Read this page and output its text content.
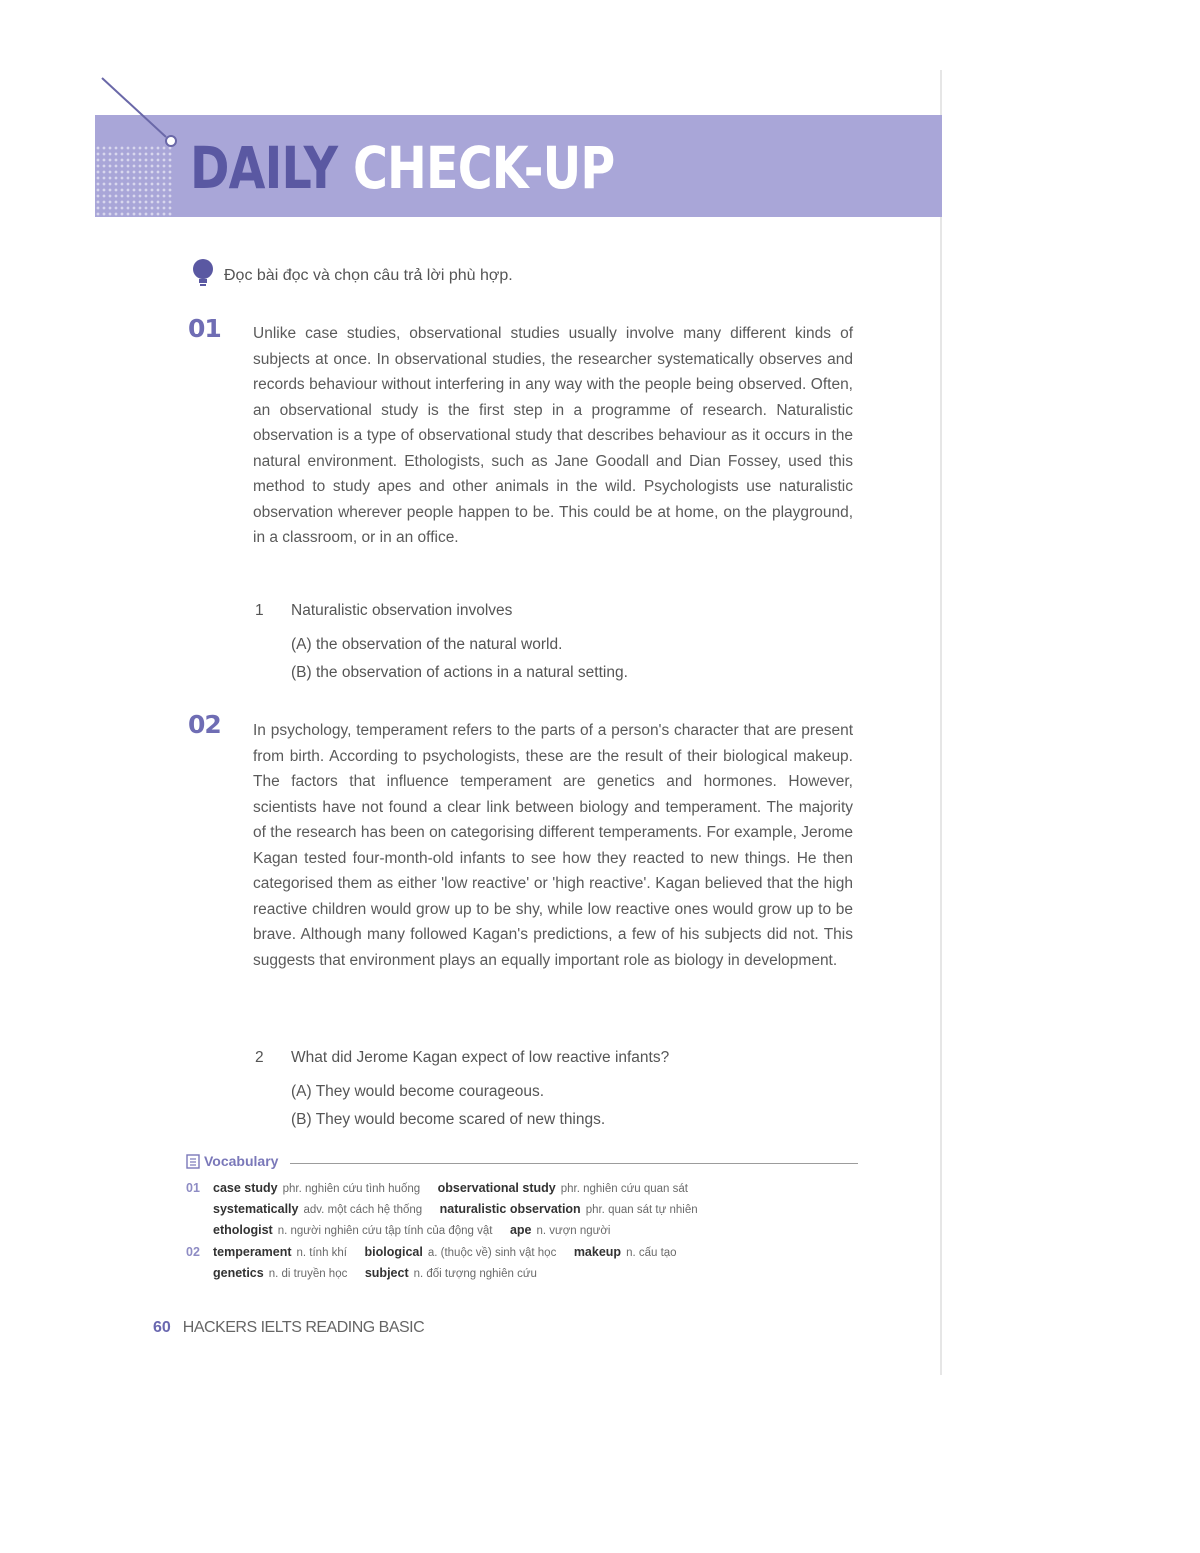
DAILY CHECK-UP
Đọc bài đọc và chọn câu trả lời phù hợp.
01 Unlike case studies, observational studies usually involve many different kinds of subjects at once. In observational studies, the researcher systematically observes and records behaviour without interfering in any way with the people being observed. Often, an observational study is the first step in a programme of research. Naturalistic observation is a type of observational study that describes behaviour as it occurs in the natural environment. Ethologists, such as Jane Goodall and Dian Fossey, used this method to study apes and other animals in the wild. Psychologists use naturalistic observation wherever people happen to be. This could be at home, on the playground, in a classroom, or in an office.

1 Naturalistic observation involves
(A) the observation of the natural world.
(B) the observation of actions in a natural setting.
02 In psychology, temperament refers to the parts of a person's character that are present from birth. According to psychologists, these are the result of their biological makeup. The factors that influence temperament are genetics and hormones. However, scientists have not found a clear link between biology and temperament. The majority of the research has been on categorising different temperaments. For example, Jerome Kagan tested four-month-old infants to see how they reacted to new things. He then categorised them as either 'low reactive' or 'high reactive'. Kagan believed that the high reactive children would grow up to be shy, while low reactive ones would grow up to be brave. Although many followed Kagan's predictions, a few of his subjects did not. This suggests that environment plays an equally important role as biology in development.

2 What did Jerome Kagan expect of low reactive infants?
(A) They would become courageous.
(B) They would become scared of new things.
Vocabulary
01 case study phr. nghiên cứu tình huống observational study phr. nghiên cứu quan sát
systematically adv. một cách hệ thống naturalistic observation phr. quan sát tự nhiên
ethologist n. người nghiên cứu tập tính của động vật ape n. vượn người
02 temperament n. tính khí biological a. (thuộc về) sinh vật học makeup n. cấu tạo
genetics n. di truyền học subject n. đối tượng nghiên cứu
60 HACKERS IELTS READING BASIC
